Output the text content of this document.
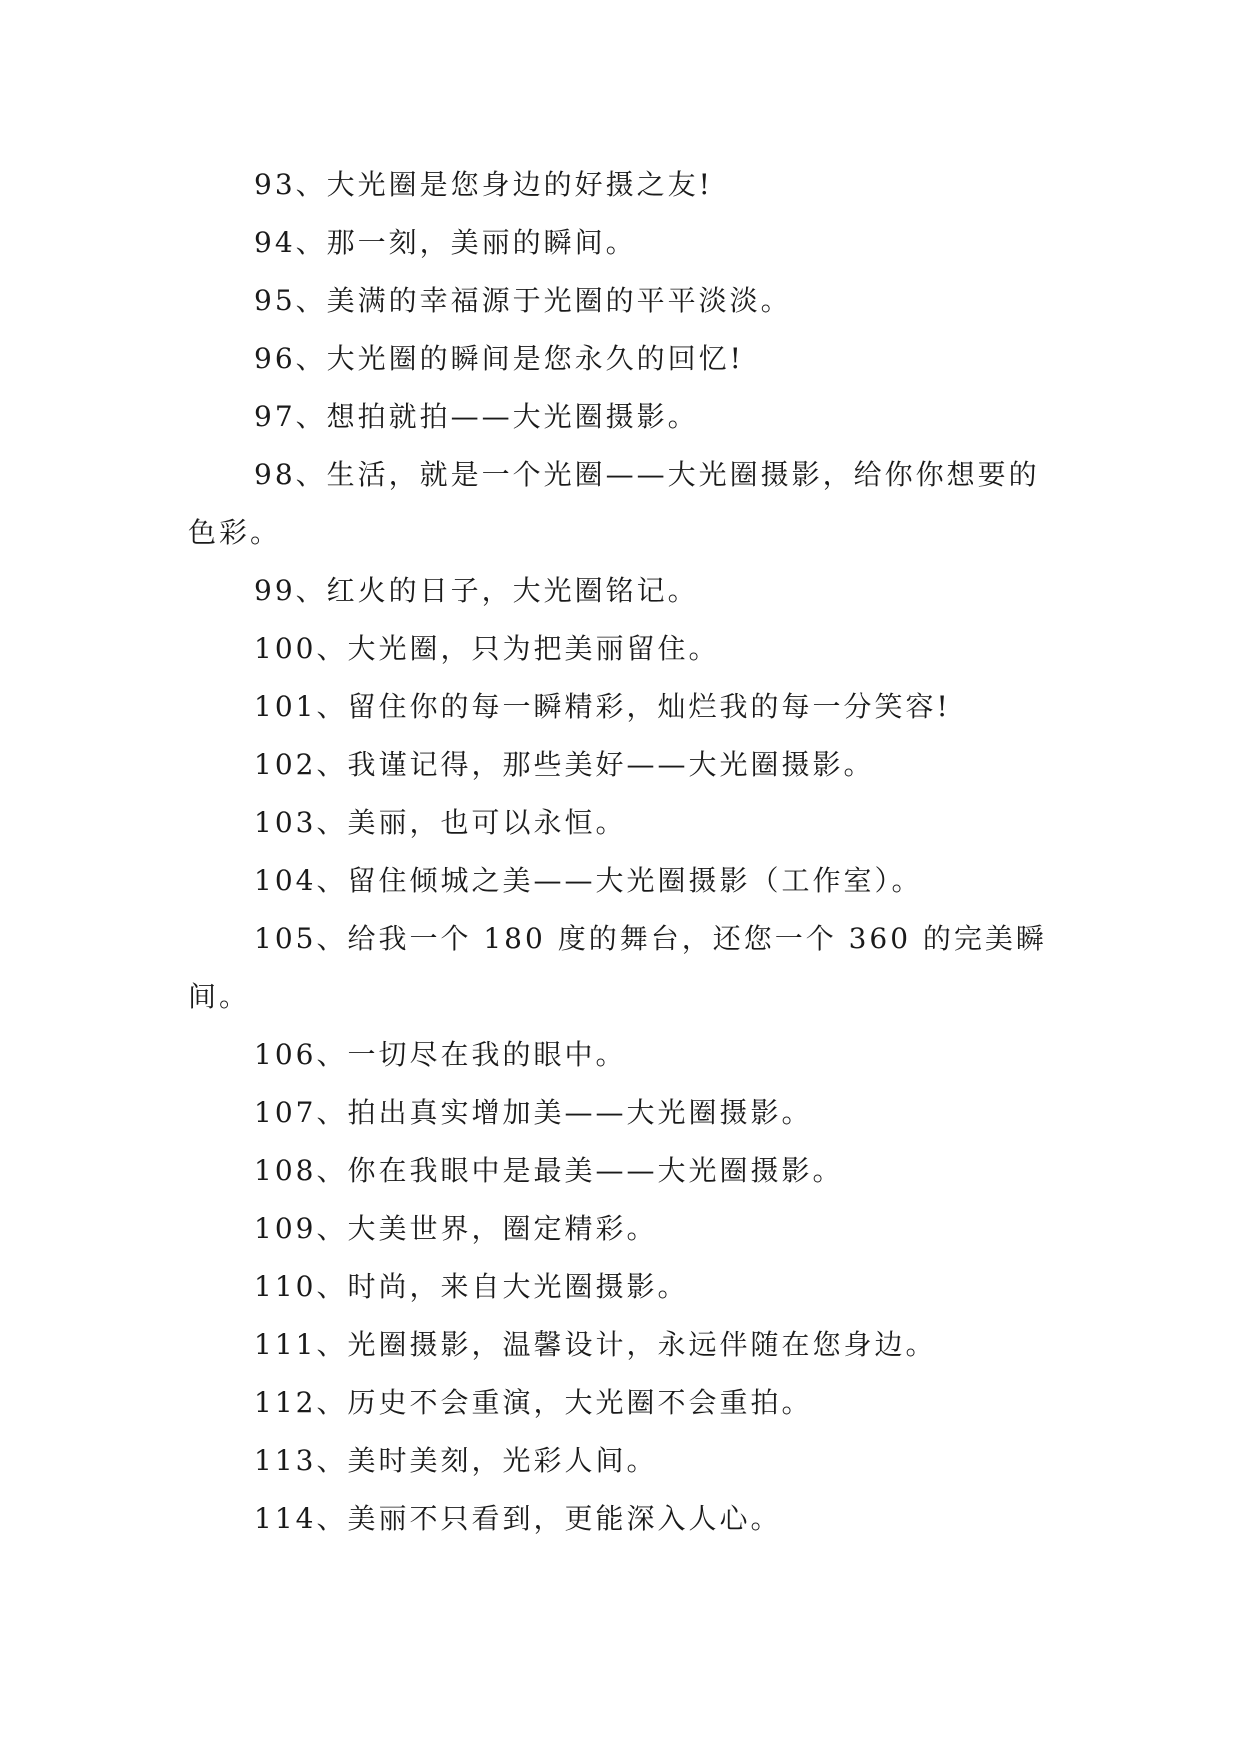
93、大光圈是您身边的好摄之友!

94、那一刻，美丽的瞬间。

95、美满的幸福源于光圈的平平淡淡。

96、大光圈的瞬间是您永久的回忆!

97、想拍就拍——大光圈摄影。

98、生活，就是一个光圈——大光圈摄影，给你你想要的色彩。

99、红火的日子，大光圈铭记。

100、大光圈，只为把美丽留住。

101、留住你的每一瞬精彩，灿烂我的每一分笑容!

102、我谨记得，那些美好——大光圈摄影。

103、美丽，也可以永恒。

104、留住倾城之美——大光圈摄影（工作室）。

105、给我一个 180 度的舞台，还您一个 360 的完美瞬间。

106、一切尽在我的眼中。

107、拍出真实增加美——大光圈摄影。

108、你在我眼中是最美——大光圈摄影。

109、大美世界，圈定精彩。

110、时尚，来自大光圈摄影。

111、光圈摄影，温馨设计，永远伴随在您身边。

112、历史不会重演，大光圈不会重拍。

113、美时美刻，光彩人间。

114、美丽不只看到，更能深入人心。
